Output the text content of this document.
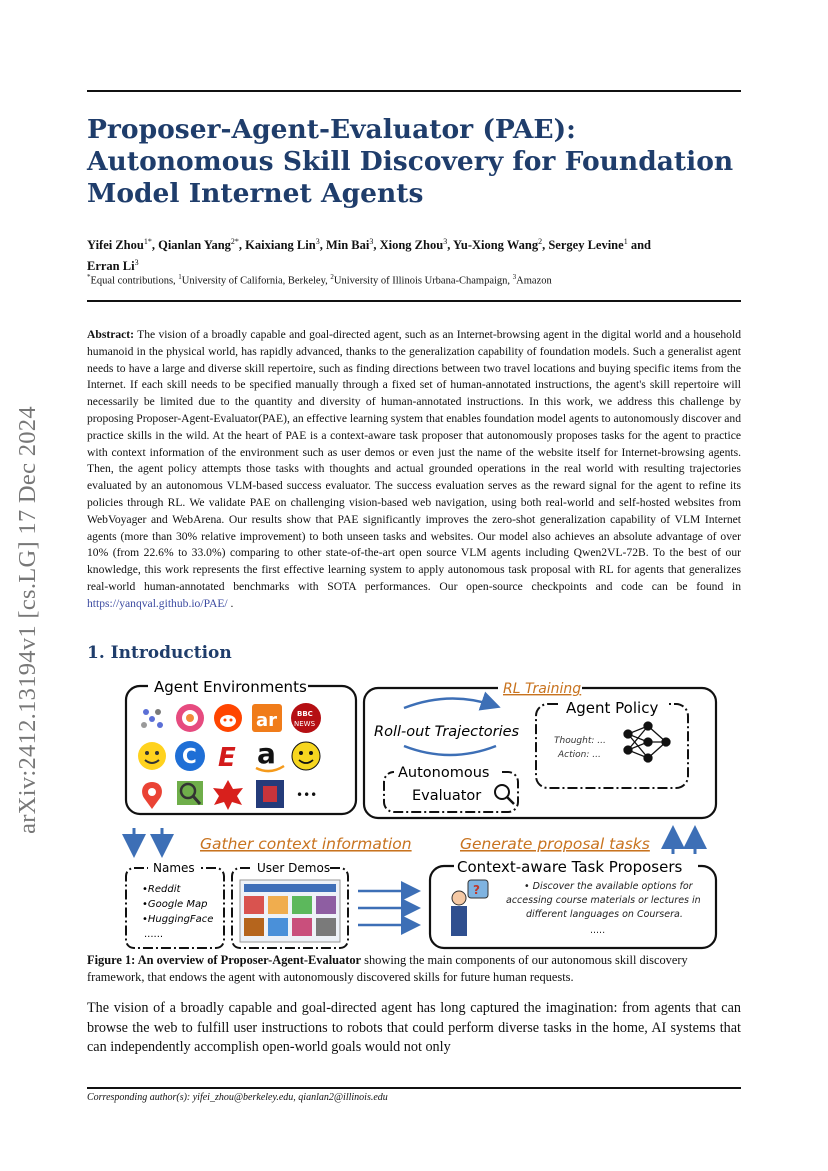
Proposer-Agent-Evaluator (PAE):
Autonomous Skill Discovery for Foundation
Model Internet Agents
Yifei Zhou$^{1*}$, Qianlan Yang$^{2*}$, Kaixiang Lin$^3$, Min Bai$^3$, Xiong Zhou$^3$, Yu-Xiong Wang$^2$, Sergey Levine$^1$ and
Erran Li$^3$
*Equal contributions, $^1$University of California, Berkeley, $^2$University of Illinois Urbana-Champaign, $^3$Amazon
arXiv:2412.13194v1 [cs.LG] 17 Dec 2024
Abstract: The vision of a broadly capable and goal-directed agent, such as an Internet-browsing agent in the digital world and a household humanoid in the physical world, has rapidly advanced, thanks to the generalization capability of foundation models. Such a generalist agent needs to have a large and diverse skill repertoire, such as finding directions between two travel locations and buying specific items from the Internet. If each skill needs to be specified manually through a fixed set of human-annotated instructions, the agent's skill repertoire will necessarily be limited due to the quantity and diversity of human-annotated instructions. In this work, we address this challenge by proposing Proposer-Agent-Evaluator(PAE), an effective learning system that enables foundation model agents to autonomously discover and practice skills in the wild. At the heart of PAE is a context-aware task proposer that autonomously proposes tasks for the agent to practice with context information of the environment such as user demos or even just the name of the website itself for Internet-browsing agents. Then, the agent policy attempts those tasks with thoughts and actual grounded operations in the real world with resulting trajectories evaluated by an autonomous VLM-based success evaluator. The success evaluation serves as the reward signal for the agent to refine its policies through RL. We validate PAE on challenging vision-based web navigation, using both real-world and self-hosted websites from WebVoyager and WebArena. Our results show that PAE significantly improves the zero-shot generalization capability of VLM Internet agents (more than 30% relative improvement) to both unseen tasks and websites. Our model also achieves an absolute advantage of over 10% (from 22.6% to 33.0%) comparing to other state-of-the-art open source VLM agents including Qwen2VL-72B. To the best of our knowledge, this work represents the first effective learning system to apply autonomous task proposal with RL for agents that generalizes real-world human-annotated benchmarks with SOTA performances. Our open-source checkpoints and code can be found in https://yanqval.github.io/PAE/ .
1. Introduction
Agent Environments
ar	BBC
NEWS
C E a
•••
RL Training
Agent Policy
Thought: ...
Action: ...
Roll-out Trajectories
Autonomous
Evaluator
Gather context information	Generate proposal tasks
Names
•Reddit
•Google Map
•HuggingFace
......
User Demos	Context-aware Task Proposers
?	• Discover the available options for
accessing course materials or lectures in
different languages on Coursera.
.....
Figure 1: An overview of Proposer-Agent-Evaluator showing the main components of our autonomous skill discovery framework, that endows the agent with autonomously discovered skills for future human requests.
The vision of a broadly capable and goal-directed agent has long captured the imagination: from agents that can browse the web to fulfill user instructions to robots that could perform diverse tasks in the home, AI systems that can independently accomplish open-world goals would not only
Corresponding author(s): yifei_zhou@berkeley.edu, qianlan2@illinois.edu
